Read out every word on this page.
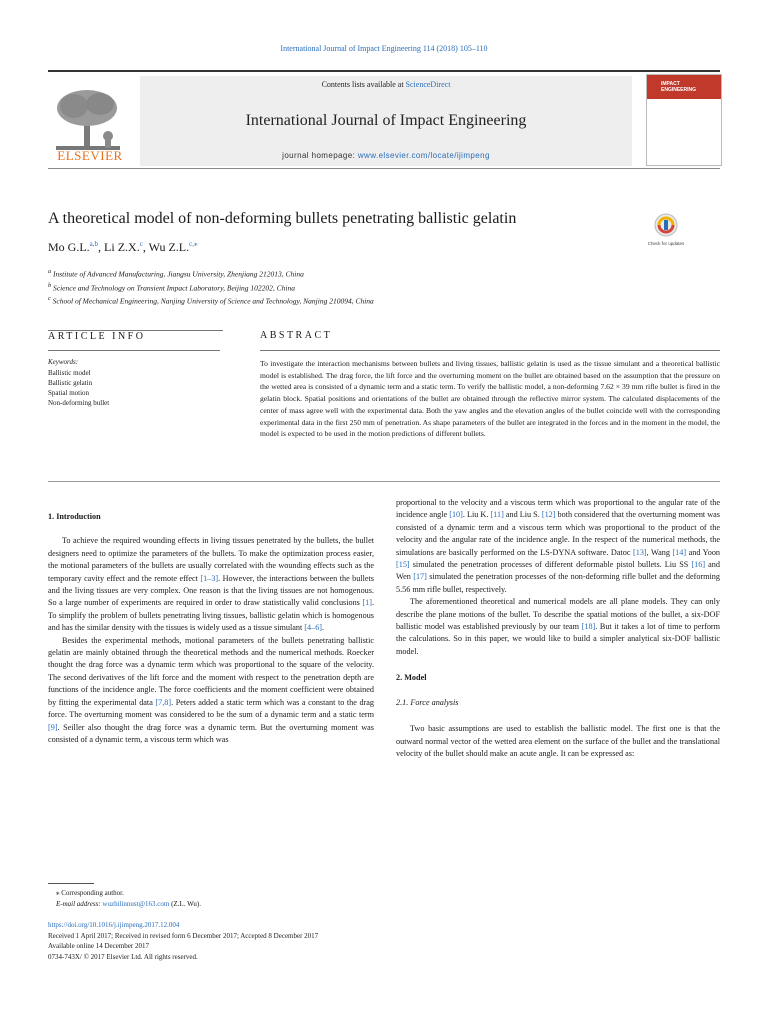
International Journal of Impact Engineering 114 (2018) 105–110
ELSEVIER
Contents lists available at ScienceDirect
International Journal of Impact Engineering
journal homepage: www.elsevier.com/locate/ijimpeng
IMPACT
ENGINEERING
A theoretical model of non-deforming bullets penetrating ballistic gelatin
Check for updates
Mo G.L.$^{a,b}$, Li Z.X.$^c$, Wu Z.L.$^{c,⁎}$
$^a$ Institute of Advanced Manufacturing, Jiangsu University, Zhenjiang 212013, China
$^b$ Science and Technology on Transient Impact Laboratory, Beijing 102202, China
$^c$ School of Mechanical Engineering, Nanjing University of Science and Technology, Nanjing 210094, China
ARTICLE INFO
Keywords:
Ballistic model
Ballistic gelatin
Spatial motion
Non-deforming bullet
ABSTRACT
To investigate the interaction mechanisms between bullets and living tissues, ballistic gelatin is used as the tissue simulant and a theoretical ballistic model is established. The drag force, the lift force and the overturning moment on the bullet are obtained based on the assumption that the pressure on the wetted area is consisted of a dynamic term and a static term. To verify the ballistic model, a non-deforming 7.62 × 39 mm rifle bullet is fired in the gelatin block. Spatial positions and orientations of the bullet are obtained through the reflective mirror system. The calculated displacements of the center of mass agree well with the experimental data. Both the yaw angles and the elevation angles of the bullet coincide well with the corresponding experimental data in the first 250 mm of penetration. As shape parameters of the bullet are integrated in the forces and in the moment in the model, the model is expected to be used in the motion predictions of different bullets.

1. Introduction

To achieve the required wounding effects in living tissues penetrated by the bullets, the bullet designers need to optimize the parameters of the bullets. To make the optimization process easier, the motional parameters of the bullets are usually correlated with the wounding effects such as the temporary cavity effect and the remote effect [1–3]. However, the interactions between the bullets and the living tissues are very complex. One reason is that the living tissues are not homogenous. So a large number of experiments are required in order to draw statistically valid conclusions [1]. To simplify the problem of bullets penetrating living tissues, ballistic gelatin which is homogenous and has the similar density with the tissues is widely used as a tissue simulant [4–6].

Besides the experimental methods, motional parameters of the bullets penetrating ballistic gelatin are mainly obtained through the theoretical methods and the numerical methods. Roecker thought the drag force was a dynamic term which was proportional to the square of the velocity. The second derivatives of the lift force and the moment with respect to the penetration depth are functions of the incidence angle. The force coefficients and the moment coefficient were obtained by fitting the experimental data [7,8]. Peters added a static term which was a constant to the drag force. The overturning moment was considered to be the sum of a dynamic term and a static term [9]. Seiller also thought the drag force was a dynamic term. But the overturning moment was consisted of a dynamic term, a viscous term which was

proportional to the velocity and a viscous term which was proportional to the angular rate of the incidence angle [10]. Liu K. [11] and Liu S. [12] both considered that the overturning moment was consisted of a dynamic term and a viscous term which was proportional to the product of the velocity and the angular rate of the incidence angle. In the respect of the numerical methods, the simulations are basically performed on the LS-DYNA software. Datoc [13], Wang [14] and Yoon [15] simulated the penetration processes of different deformable pistol bullets. Liu SS [16] and Wen [17] simulated the penetration processes of the non-deforming rifle bullet and the deforming 5.56 mm rifle bullet, respectively.

The aforementioned theoretical and numerical models are all plane models. They can only describe the plane motions of the bullet. To describe the spatial motions of the bullet, a six-DOF ballistic model was established previously by our team [18]. But it takes a lot of time to perform the calculations. So in this paper, we would like to build a simpler analytical six-DOF ballistic model.

2. Model

2.1. Force analysis

Two basic assumptions are used to establish the ballistic model. The first one is that the outward normal vector of the wetted area element on the surface of the bullet and the translational velocity of the bullet should make an acute angle. It can be expressed as:

⁎ Corresponding author.
E-mail address: wuzhilinnust@163.com (Z.L. Wu).
https://doi.org/10.1016/j.ijimpeng.2017.12.004
Received 1 April 2017; Received in revised form 6 December 2017; Accepted 8 December 2017
Available online 14 December 2017
0734-743X/ © 2017 Elsevier Ltd. All rights reserved.
